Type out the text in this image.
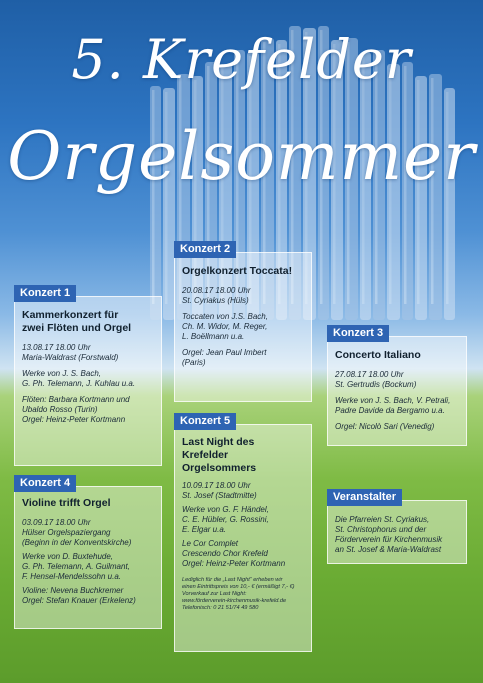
5. Krefelder
Orgelsommer
Kammerkonzert für
zwei Flöten und Orgel
13.08.17 18.00 Uhr
Maria-Waldrast (Forstwald)
Werke von J. S. Bach,
G. Ph. Telemann, J. Kuhlau u.a.
Flöten: Barbara Kortmann und
Ubaldo Rosso (Turin)
Orgel: Heinz-Peter Kortmann
Konzert 1
Orgelkonzert Toccata!
20.08.17 18.00 Uhr
St. Cyriakus (Hüls)
Toccaten von J.S. Bach,
Ch. M. Widor, M. Reger,
L. Boëllmann u.a.
Orgel: Jean Paul Imbert
(Paris)
Konzert 2
Concerto Italiano
27.08.17 18.00 Uhr
St. Gertrudis (Bockum)
Werke von J. S. Bach, V. Petrali,
Padre Davide da Bergamo u.a.
Orgel: Nicolò Sari (Venedig)
Konzert 3
Violine trifft Orgel
03.09.17 18.00 Uhr
Hülser Orgelspaziergang
(Beginn in der Konventskirche)
Werke von D. Buxtehude,
G. Ph. Telemann, A. Guilmant,
F. Hensel-Mendelssohn u.a.
Violine: Nevena Buchkremer
Orgel: Stefan Knauer (Erkelenz)
Konzert 4
Last Night des
Krefelder Orgelsommers
10.09.17 18.00 Uhr
St. Josef (Stadtmitte)
Werke von G. F. Händel,
C. E. Hübler, G. Rossini,
E. Elgar u.a.
Le Cor Complet
Crescendo Chor Krefeld
Orgel: Heinz-Peter Kortmann
Lediglich für die „Last Night“ erheben wir
einen Eintrittspreis von 10,- € (ermäßigt 7,- €)
Vorverkauf zur Last Night:
www.förderverein-kirchenmusik-krefeld.de
Telefonisch: 0 21 51/74 49 580
Konzert 5
Die Pfarreien St. Cyriakus,
St. Christophorus und der
Förderverein für Kirchenmusik
an St. Josef & Maria-Waldrast
Veranstalter
